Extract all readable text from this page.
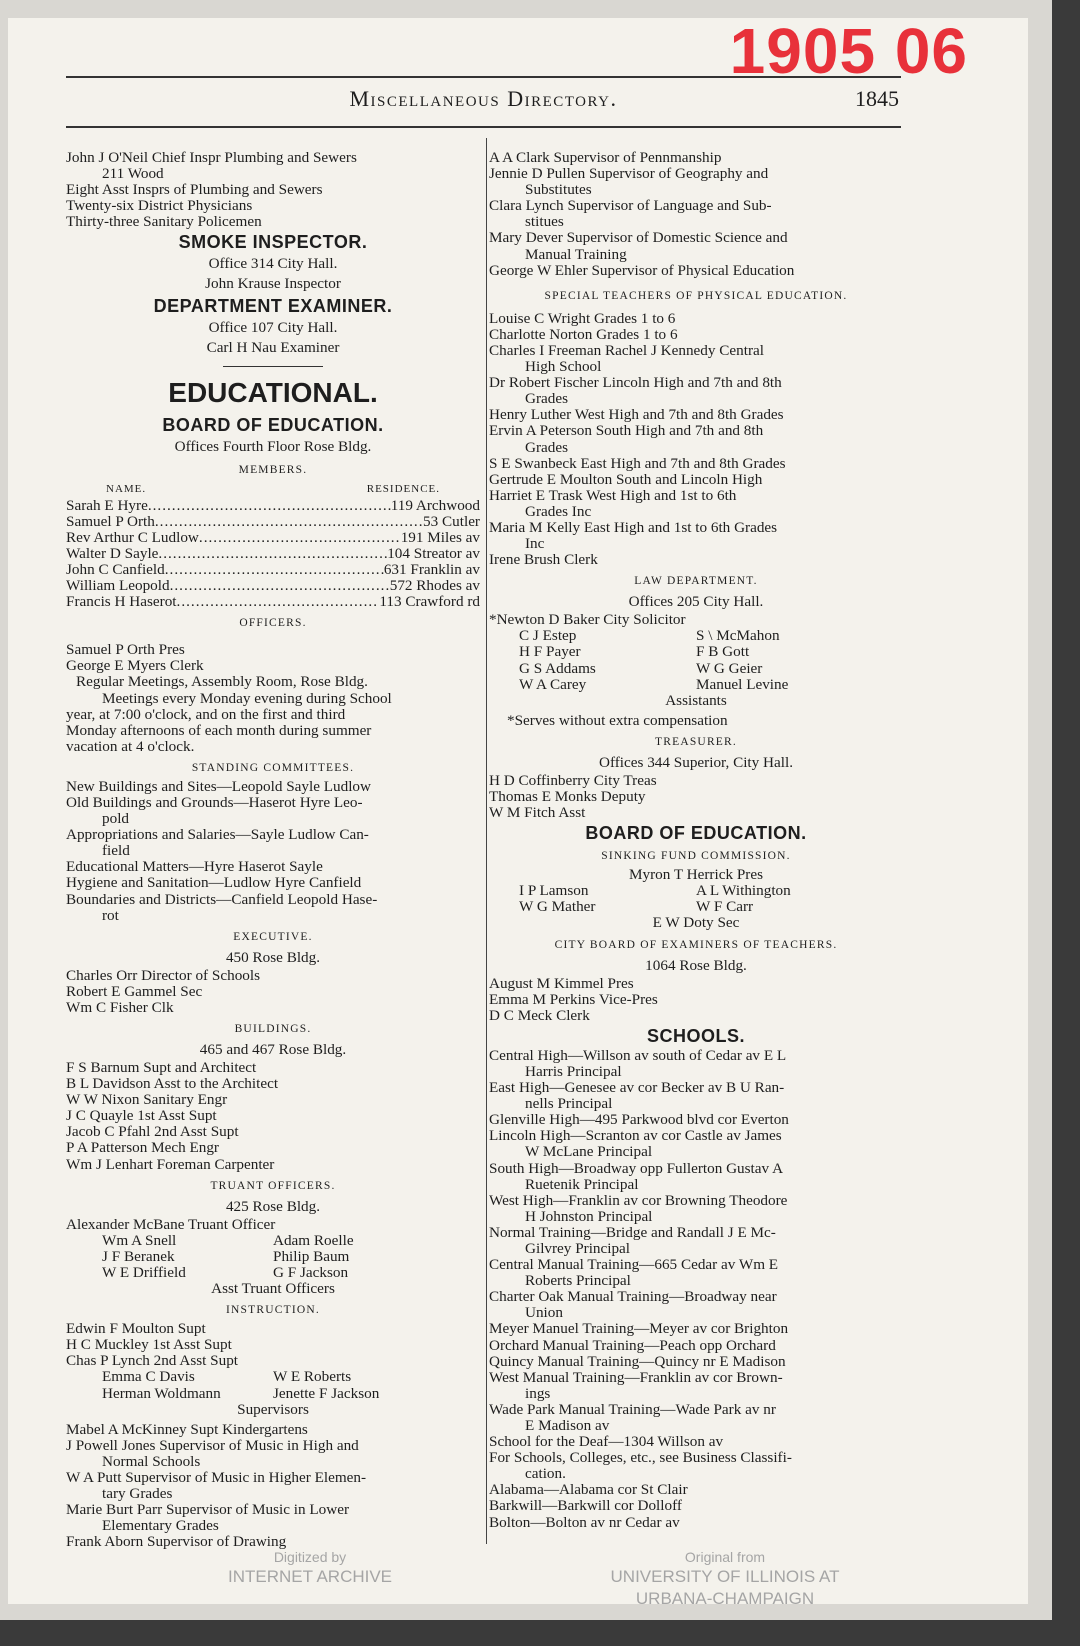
1905 06
Miscellaneous Directory.	1845
John J O'Neil Chief Inspr Plumbing and Sewers
211 Wood
Eight Asst Insprs of Plumbing and Sewers
Twenty-six District Physicians
Thirty-three Sanitary Policemen
SMOKE INSPECTOR.
Office 314 City Hall.
John Krause Inspector
DEPARTMENT EXAMINER.
Office 107 City Hall.
Carl H Nau Examiner
EDUCATIONAL.
BOARD OF EDUCATION.
Offices Fourth Floor Rose Bldg.
MEMBERS.
NAME.	RESIDENCE.
Sarah E Hyre .....	119 Archwood
Samuel P Orth .....	53 Cutler
Rev Arthur C Ludlow .....	191 Miles av
Walter D Sayle .....	104 Streator av
John C Canfield .....	631 Franklin av
William Leopold .....	572 Rhodes av
Francis H Haserot .....	113 Crawford rd
OFFICERS.
Samuel P Orth Pres
George E Myers Clerk
Regular Meetings, Assembly Room, Rose Bldg.
Meetings every Monday evening during School
year, at 7:00 o'clock, and on the first and third
Monday afternoons of each month during summer
vacation at 4 o'clock.
STANDING COMMITTEES.
New Buildings and Sites—Leopold Sayle Ludlow
Old Buildings and Grounds—Haserot Hyre Leo-
pold
Appropriations and Salaries—Sayle Ludlow Can-
field
Educational Matters—Hyre Haserot Sayle
Hygiene and Sanitation—Ludlow Hyre Canfield
Boundaries and Districts—Canfield Leopold Hase-
rot
EXECUTIVE.
450 Rose Bldg.
Charles Orr Director of Schools
Robert E Gammel Sec
Wm C Fisher Clk
BUILDINGS.
465 and 467 Rose Bldg.
F S Barnum Supt and Architect
B L Davidson Asst to the Architect
W W Nixon Sanitary Engr
J C Quayle 1st Asst Supt
Jacob C Pfahl 2nd Asst Supt
P A Patterson Mech Engr
Wm J Lenhart Foreman Carpenter
TRUANT OFFICERS.
425 Rose Bldg.
Alexander McBane Truant Officer
Wm A Snell	Adam Roelle
J F Beranek	Philip Baum
W E Driffield	G F Jackson
Asst Truant Officers
INSTRUCTION.
Edwin F Moulton Supt
H C Muckley 1st Asst Supt
Chas P Lynch 2nd Asst Supt
Emma C Davis	W E Roberts
Herman Woldmann	Jenette F Jackson
Supervisors
Mabel A McKinney Supt Kindergartens
J Powell Jones Supervisor of Music in High and
Normal Schools
W A Putt Supervisor of Music in Higher Elemen-
tary Grades
Marie Burt Parr Supervisor of Music in Lower
Elementary Grades
Frank Aborn Supervisor of Drawing
A A Clark Supervisor of Pennmanship
Jennie D Pullen Supervisor of Geography and
Substitutes
Clara Lynch Supervisor of Language and Sub-
stitues
Mary Dever Supervisor of Domestic Science and
Manual Training
George W Ehler Supervisor of Physical Education
SPECIAL TEACHERS OF PHYSICAL EDUCATION.
Louise C Wright Grades 1 to 6
Charlotte Norton Grades 1 to 6
Charles I Freeman Rachel J Kennedy Central
High School
Dr Robert Fischer Lincoln High and 7th and 8th
Grades
Henry Luther West High and 7th and 8th Grades
Ervin A Peterson South High and 7th and 8th
Grades
S E Swanbeck East High and 7th and 8th Grades
Gertrude E Moulton South and Lincoln High
Harriet E Trask West High and 1st to 6th
Grades Inc
Maria M Kelly East High and 1st to 6th Grades
Inc
Irene Brush Clerk
LAW DEPARTMENT.
Offices 205 City Hall.
*Newton D Baker City Solicitor
C J Estep	S \ McMahon
H F Payer	F B Gott
G S Addams	W G Geier
W A Carey	Manuel Levine
Assistants
*Serves without extra compensation
TREASURER.
Offices 344 Superior, City Hall.
H D Coffinberry City Treas
Thomas E Monks Deputy
W M Fitch Asst
BOARD OF EDUCATION.
SINKING FUND COMMISSION.
Myron T Herrick Pres
I P Lamson	A L Withington
W G Mather	W F Carr
E W Doty Sec
CITY BOARD OF EXAMINERS OF TEACHERS.
1064 Rose Bldg.
August M Kimmel Pres
Emma M Perkins Vice-Pres
D C Meck Clerk
SCHOOLS.
Central High—Willson av south of Cedar av E L
Harris Principal
East High—Genesee av cor Becker av B U Ran-
nells Principal
Glenville High—495 Parkwood blvd cor Everton
Lincoln High—Scranton av cor Castle av James
W McLane Principal
South High—Broadway opp Fullerton Gustav A
Ruetenik Principal
West High—Franklin av cor Browning Theodore
H Johnston Principal
Normal Training—Bridge and Randall J E Mc-
Gilvrey Principal
Central Manual Training—665 Cedar av Wm E
Roberts Principal
Charter Oak Manual Training—Broadway near
Union
Meyer Manuel Training—Meyer av cor Brighton
Orchard Manual Training—Peach opp Orchard
Quincy Manual Training—Quincy nr E Madison
West Manual Training—Franklin av cor Brown-
ings
Wade Park Manual Training—Wade Park av nr
E Madison av
School for the Deaf—1304 Willson av
For Schools, Colleges, etc., see Business Classifi-
cation.
Alabama—Alabama cor St Clair
Barkwill—Barkwill cor Dolloff
Bolton—Bolton av nr Cedar av
Digitized by
INTERNET ARCHIVE
Original from
UNIVERSITY OF ILLINOIS AT
URBANA-CHAMPAIGN
